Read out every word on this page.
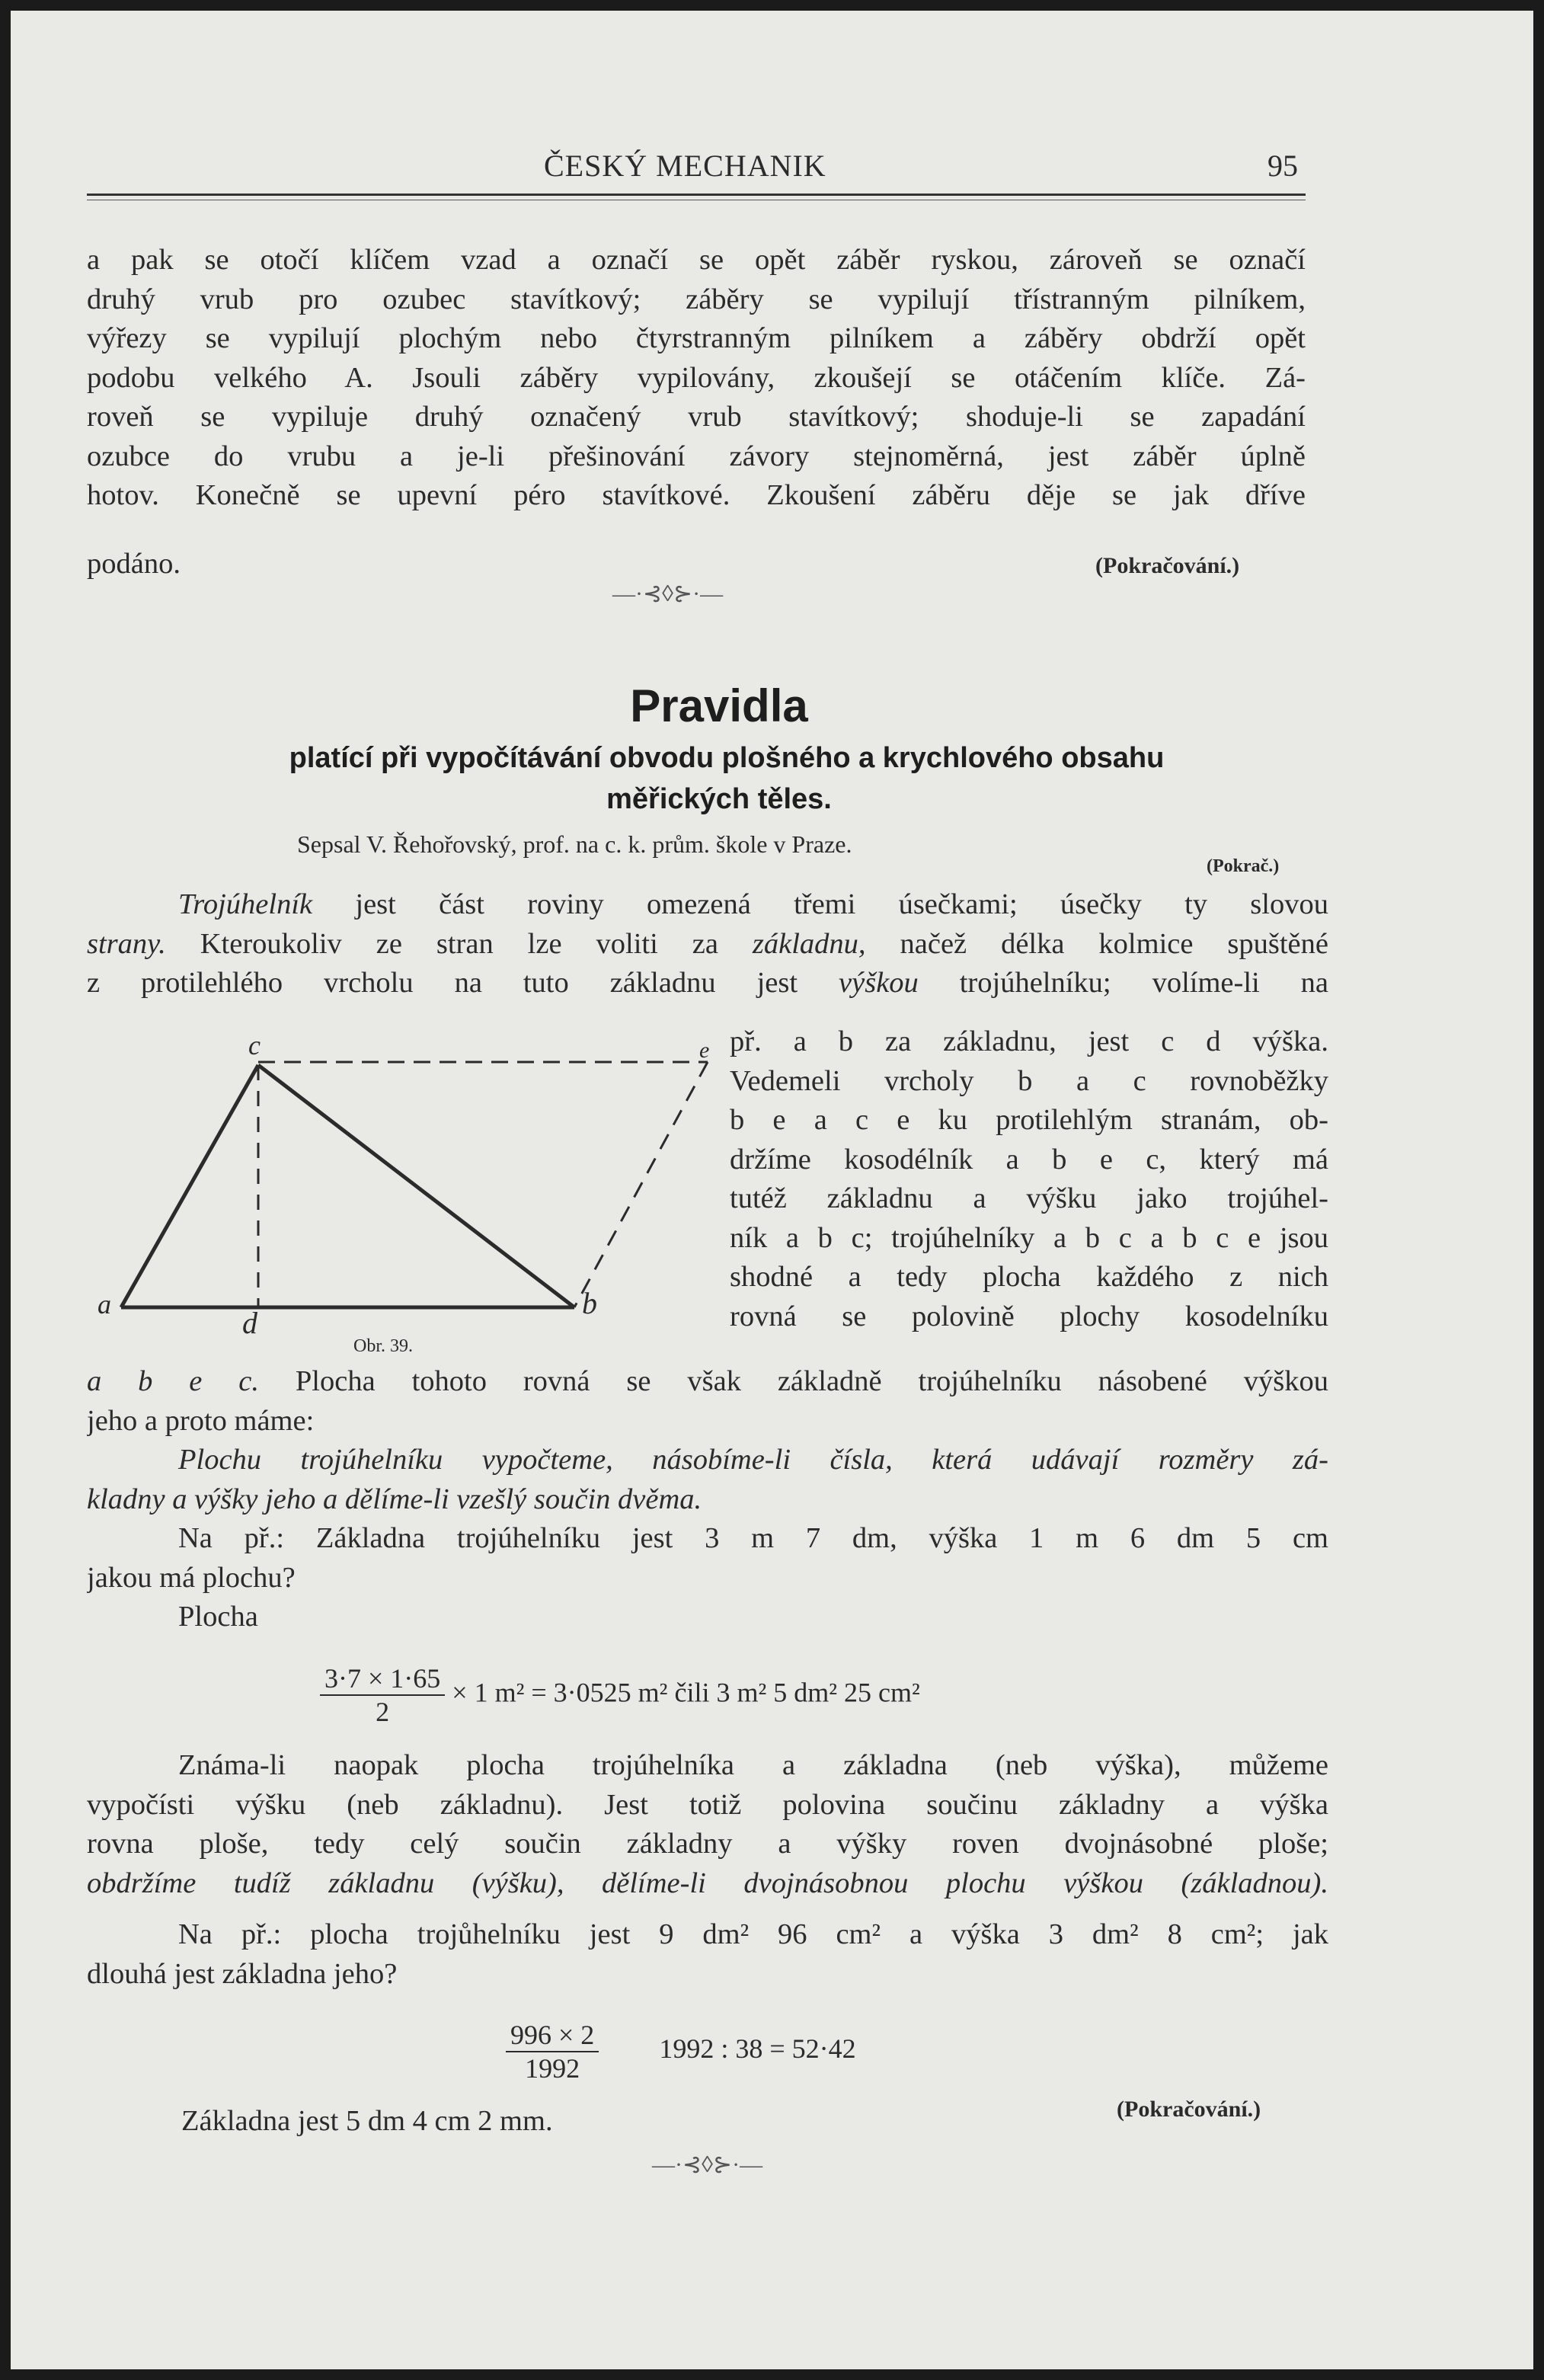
ČESKÝ MECHANIK	95
a pak se otočí klíčem vzad a označí se opět záběr ryskou, zároveň se označí
druhý vrub pro ozubec stavítkový; záběry se vypilují třístranným pilníkem,
výřezy se vypilují plochým nebo čtyrstranným pilníkem a záběry obdrží opět
podobu velkého A. Jsouli záběry vypilovány, zkoušejí se otáčením klíče. Zá-
roveň se vypiluje druhý označený vrub stavítkový; shoduje-li se zapadání
ozubce do vrubu a je-li přešinování závory stejnoměrná, jest záběr úplně
hotov. Konečně se upevní péro stavítkové. Zkoušení záběru děje se jak dříve
podáno.	(Pokračování.)
—·⊰◊⊱·—
Pravidla
platící při vypočítávání obvodu plošného a krychlového obsahu
měřických těles.
Sepsal V. Řehořovský, prof. na c. k. prům. škole v Praze.
(Pokrač.)
Trojúhelník jest část roviny omezená třemi úsečkami; úsečky ty slovou
strany. Kteroukoliv ze stran lze voliti za základnu, načež délka kolmice spuštěné
z protilehlého vrcholu na tuto základnu jest výškou trojúhelníku; volíme-li na
c	e
a	b
d
Obr. 39.
př. a b za základnu, jest c d výška.
Vedemeli vrcholy b a c rovnoběžky
b e a c e ku protilehlým stranám, ob-
držíme kosodélník a b e c, který má
tutéž základnu a výšku jako trojúhel-
ník a b c; trojúhelníky a b c a b c e jsou
shodné a tedy plocha každého z nich
rovná se polovině plochy kosodelníku
a b e c. Plocha tohoto rovná se však základně trojúhelníku násobené výškou
jeho a proto máme:
Plochu trojúhelníku vypočteme, násobíme-li čísla, která udávají rozměry zá-
kladny a výšky jeho a dělíme-li vzešlý součin dvěma.
Na př.: Základna trojúhelníku jest 3 m 7 dm, výška 1 m 6 dm 5 cm
jakou má plochu?
Plocha
$\frac{3\cdot 7 \times 1\cdot 65}{2} \times 1$ m² = 3·0525 m² čili 3 m² 5 dm² 25 cm²
Známa-li naopak plocha trojúhelníka a základna (neb výška), můžeme
vypočísti výšku (neb základnu). Jest totiž polovina součinu základny a výška
rovna ploše, tedy celý součin základny a výšky roven dvojnásobné ploše;
obdržíme tudíž základnu (výšku), dělíme-li dvojnásobnou plochu výškou (základnou).
Na př.: plocha trojůhelníku jest 9 dm² 96 cm² a výška 3 dm² 8 cm²; jak
dlouhá jest základna jeho?
$\frac{996 \times 2}{1992} 1992$ : 38 = 52·42
Základna jest 5 dm 4 cm 2 mm.	(Pokračování.)
—·⊰◊⊱·—
